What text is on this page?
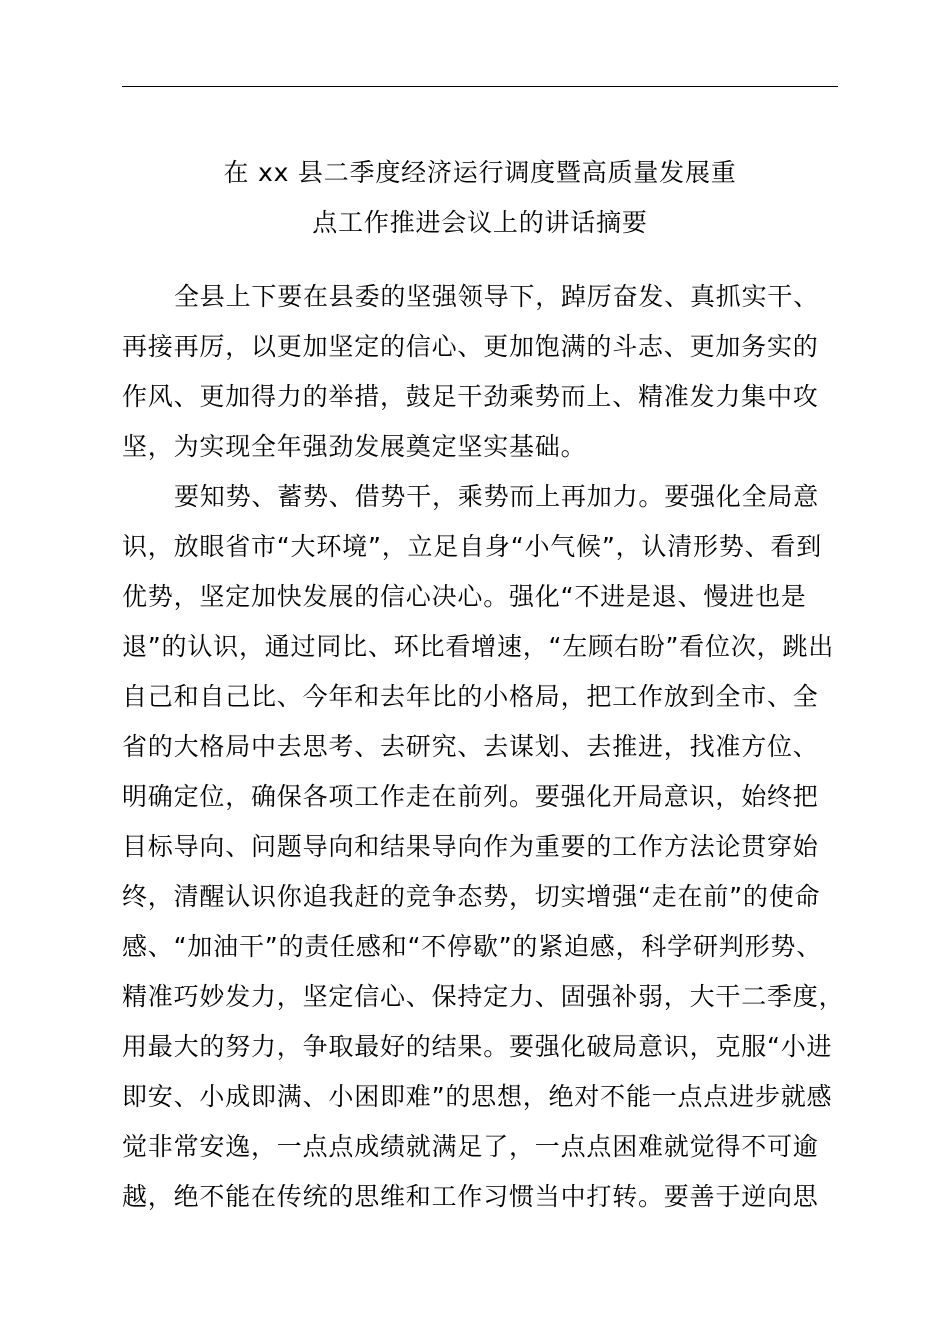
在 xx 县二季度经济运行调度暨高质量发展重
点工作推进会议上的讲话摘要
全县上下要在县委的坚强领导下，踔厉奋发、真抓实干、
再接再厉，以更加坚定的信心、更加饱满的斗志、更加务实的
作风、更加得力的举措，鼓足干劲乘势而上、精准发力集中攻
坚，为实现全年强劲发展奠定坚实基础。
要知势、蓄势、借势干，乘势而上再加力。要强化全局意
识，放眼省市“大环境”，立足自身“小气候”，认清形势、看到
优势，坚定加快发展的信心决心。强化“不进是退、慢进也是
退”的认识，通过同比、环比看增速，“左顾右盼”看位次，跳出
自己和自己比、今年和去年比的小格局，把工作放到全市、全
省的大格局中去思考、去研究、去谋划、去推进，找准方位、
明确定位，确保各项工作走在前列。要强化开局意识，始终把
目标导向、问题导向和结果导向作为重要的工作方法论贯穿始
终，清醒认识你追我赶的竞争态势，切实增强“走在前”的使命
感、“加油干”的责任感和“不停歇”的紧迫感，科学研判形势、
精准巧妙发力，坚定信心、保持定力、固强补弱，大干二季度，
用最大的努力，争取最好的结果。要强化破局意识，克服“小进
即安、小成即满、小困即难”的思想，绝对不能一点点进步就感
觉非常安逸，一点点成绩就满足了，一点点困难就觉得不可逾
越，绝不能在传统的思维和工作习惯当中打转。要善于逆向思
